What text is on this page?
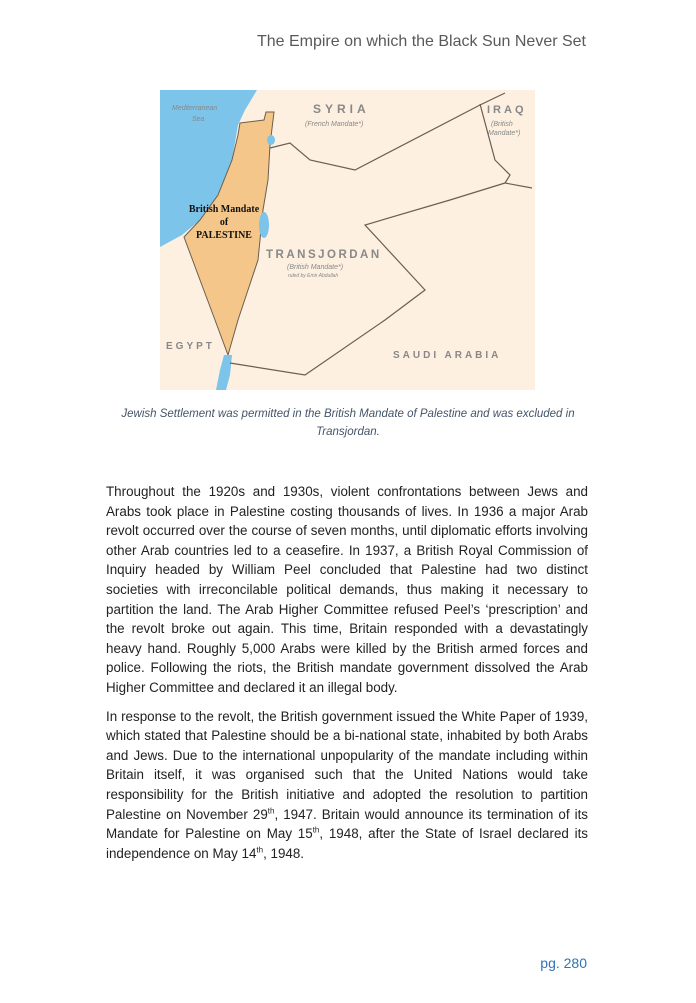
The Empire on which the Black Sun Never Set
Mediterranean
Sea
SYRIA
(French Mandate*)
IRAQ
(British
Mandate*)
British Mandate
of
PALESTINE
TRANSJORDAN
(British Mandate*)
ruled by Emir Abdullah
EGYPT
SAUDI ARABIA
Jewish Settlement was permitted in the British Mandate of Palestine and was excluded in Transjordan.

Throughout the 1920s and 1930s, violent confrontations between Jews and Arabs took place in Palestine costing thousands of lives. In 1936 a major Arab revolt occurred over the course of seven months, until diplomatic efforts involving other Arab countries led to a ceasefire. In 1937, a British Royal Commission of Inquiry headed by William Peel concluded that Palestine had two distinct societies with irreconcilable political demands, thus making it necessary to partition the land. The Arab Higher Committee refused Peel’s ‘prescription’ and the revolt broke out again. This time, Britain responded with a devastatingly heavy hand. Roughly 5,000 Arabs were killed by the British armed forces and police. Following the riots, the British mandate government dissolved the Arab Higher Committee and declared it an illegal body.

In response to the revolt, the British government issued the White Paper of 1939, which stated that Palestine should be a bi-national state, inhabited by both Arabs and Jews. Due to the international unpopularity of the mandate including within Britain itself, it was organised such that the United Nations would take responsibility for the British initiative and adopted the resolution to partition Palestine on November 29th, 1947. Britain would announce its termination of its Mandate for Palestine on May 15th, 1948, after the State of Israel declared its independence on May 14th, 1948.

pg. 280
